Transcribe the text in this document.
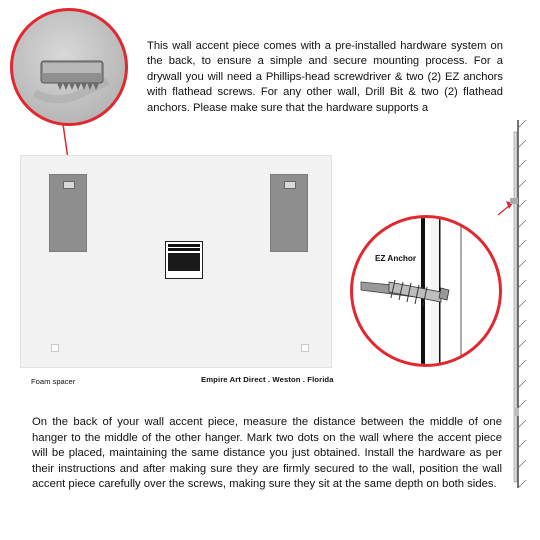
This wall accent piece comes with a pre-installed hardware system on the back, to ensure a simple and secure mounting process. For a drywall you will need a Phillips-head screwdriver & two (2) EZ anchors with flathead screws. For any other wall, Drill Bit & two (2) flathead anchors. Please make sure that the hardware supports a
Foam spacer	Empire Art Direct . Weston . Florida
EZ Anchor
On the back of your wall accent piece, measure the distance between the middle of one hanger to the middle of the other hanger. Mark two dots on the wall where the accent piece will be placed, maintaining the same distance you just obtained. Install the hardware as per their instructions and after making sure they are firmly secured to the wall, position the wall accent piece carefully over the screws, making sure they sit at the same depth on both sides.
